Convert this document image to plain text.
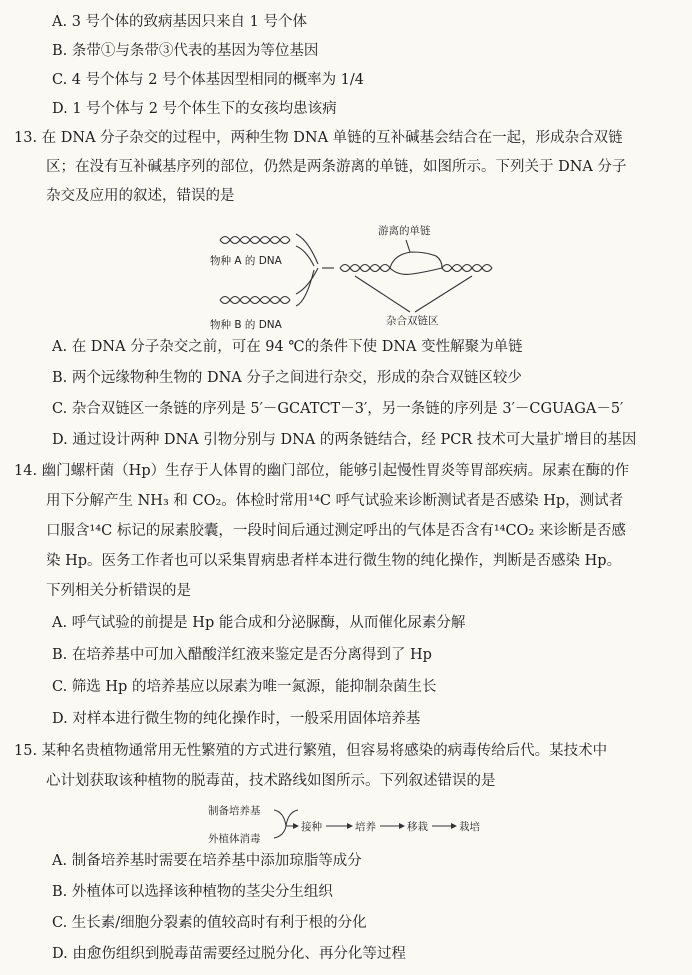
A. 3 号个体的致病基因只来自 1 号个体
B. 条带①与条带③代表的基因为等位基因
C. 4 号个体与 2 号个体基因型相同的概率为 1/4
D. 1 号个体与 2 号个体生下的女孩均患该病
13. 在 DNA 分子杂交的过程中，两种生物 DNA 单链的互补碱基会结合在一起，形成杂合双链
区；在没有互补碱基序列的部位，仍然是两条游离的单链，如图所示。下列关于 DNA 分子
杂交及应用的叙述，错误的是
物种 A 的 DNA
物种 B 的 DNA
游离的单链
杂合双链区
A. 在 DNA 分子杂交之前，可在 94 ℃的条件下使 DNA 变性解聚为单链
B. 两个远缘物种生物的 DNA 分子之间进行杂交，形成的杂合双链区较少
C. 杂合双链区一条链的序列是 5′－GCATCT－3′，另一条链的序列是 3′－CGUAGA－5′
D. 通过设计两种 DNA 引物分别与 DNA 的两条链结合，经 PCR 技术可大量扩增目的基因
14. 幽门螺杆菌（Hp）生存于人体胃的幽门部位，能够引起慢性胃炎等胃部疾病。尿素在酶的作
用下分解产生 NH₃ 和 CO₂。体检时常用¹⁴C 呼气试验来诊断测试者是否感染 Hp，测试者
口服含¹⁴C 标记的尿素胶囊，一段时间后通过测定呼出的气体是否含有¹⁴CO₂ 来诊断是否感
染 Hp。医务工作者也可以采集胃病患者样本进行微生物的纯化操作，判断是否感染 Hp。
下列相关分析错误的是
A. 呼气试验的前提是 Hp 能合成和分泌脲酶，从而催化尿素分解
B. 在培养基中可加入醋酸洋红液来鉴定是否分离得到了 Hp
C. 筛选 Hp 的培养基应以尿素为唯一氮源，能抑制杂菌生长
D. 对样本进行微生物的纯化操作时，一般采用固体培养基
15. 某种名贵植物通常用无性繁殖的方式进行繁殖，但容易将感染的病毒传给后代。某技术中
心计划获取该种植物的脱毒苗，技术路线如图所示。下列叙述错误的是
制备培养基
外植体消毒
接种	培养	移栽	栽培
A. 制备培养基时需要在培养基中添加琼脂等成分
B. 外植体可以选择该种植物的茎尖分生组织
C. 生长素/细胞分裂素的值较高时有利于根的分化
D. 由愈伤组织到脱毒苗需要经过脱分化、再分化等过程
